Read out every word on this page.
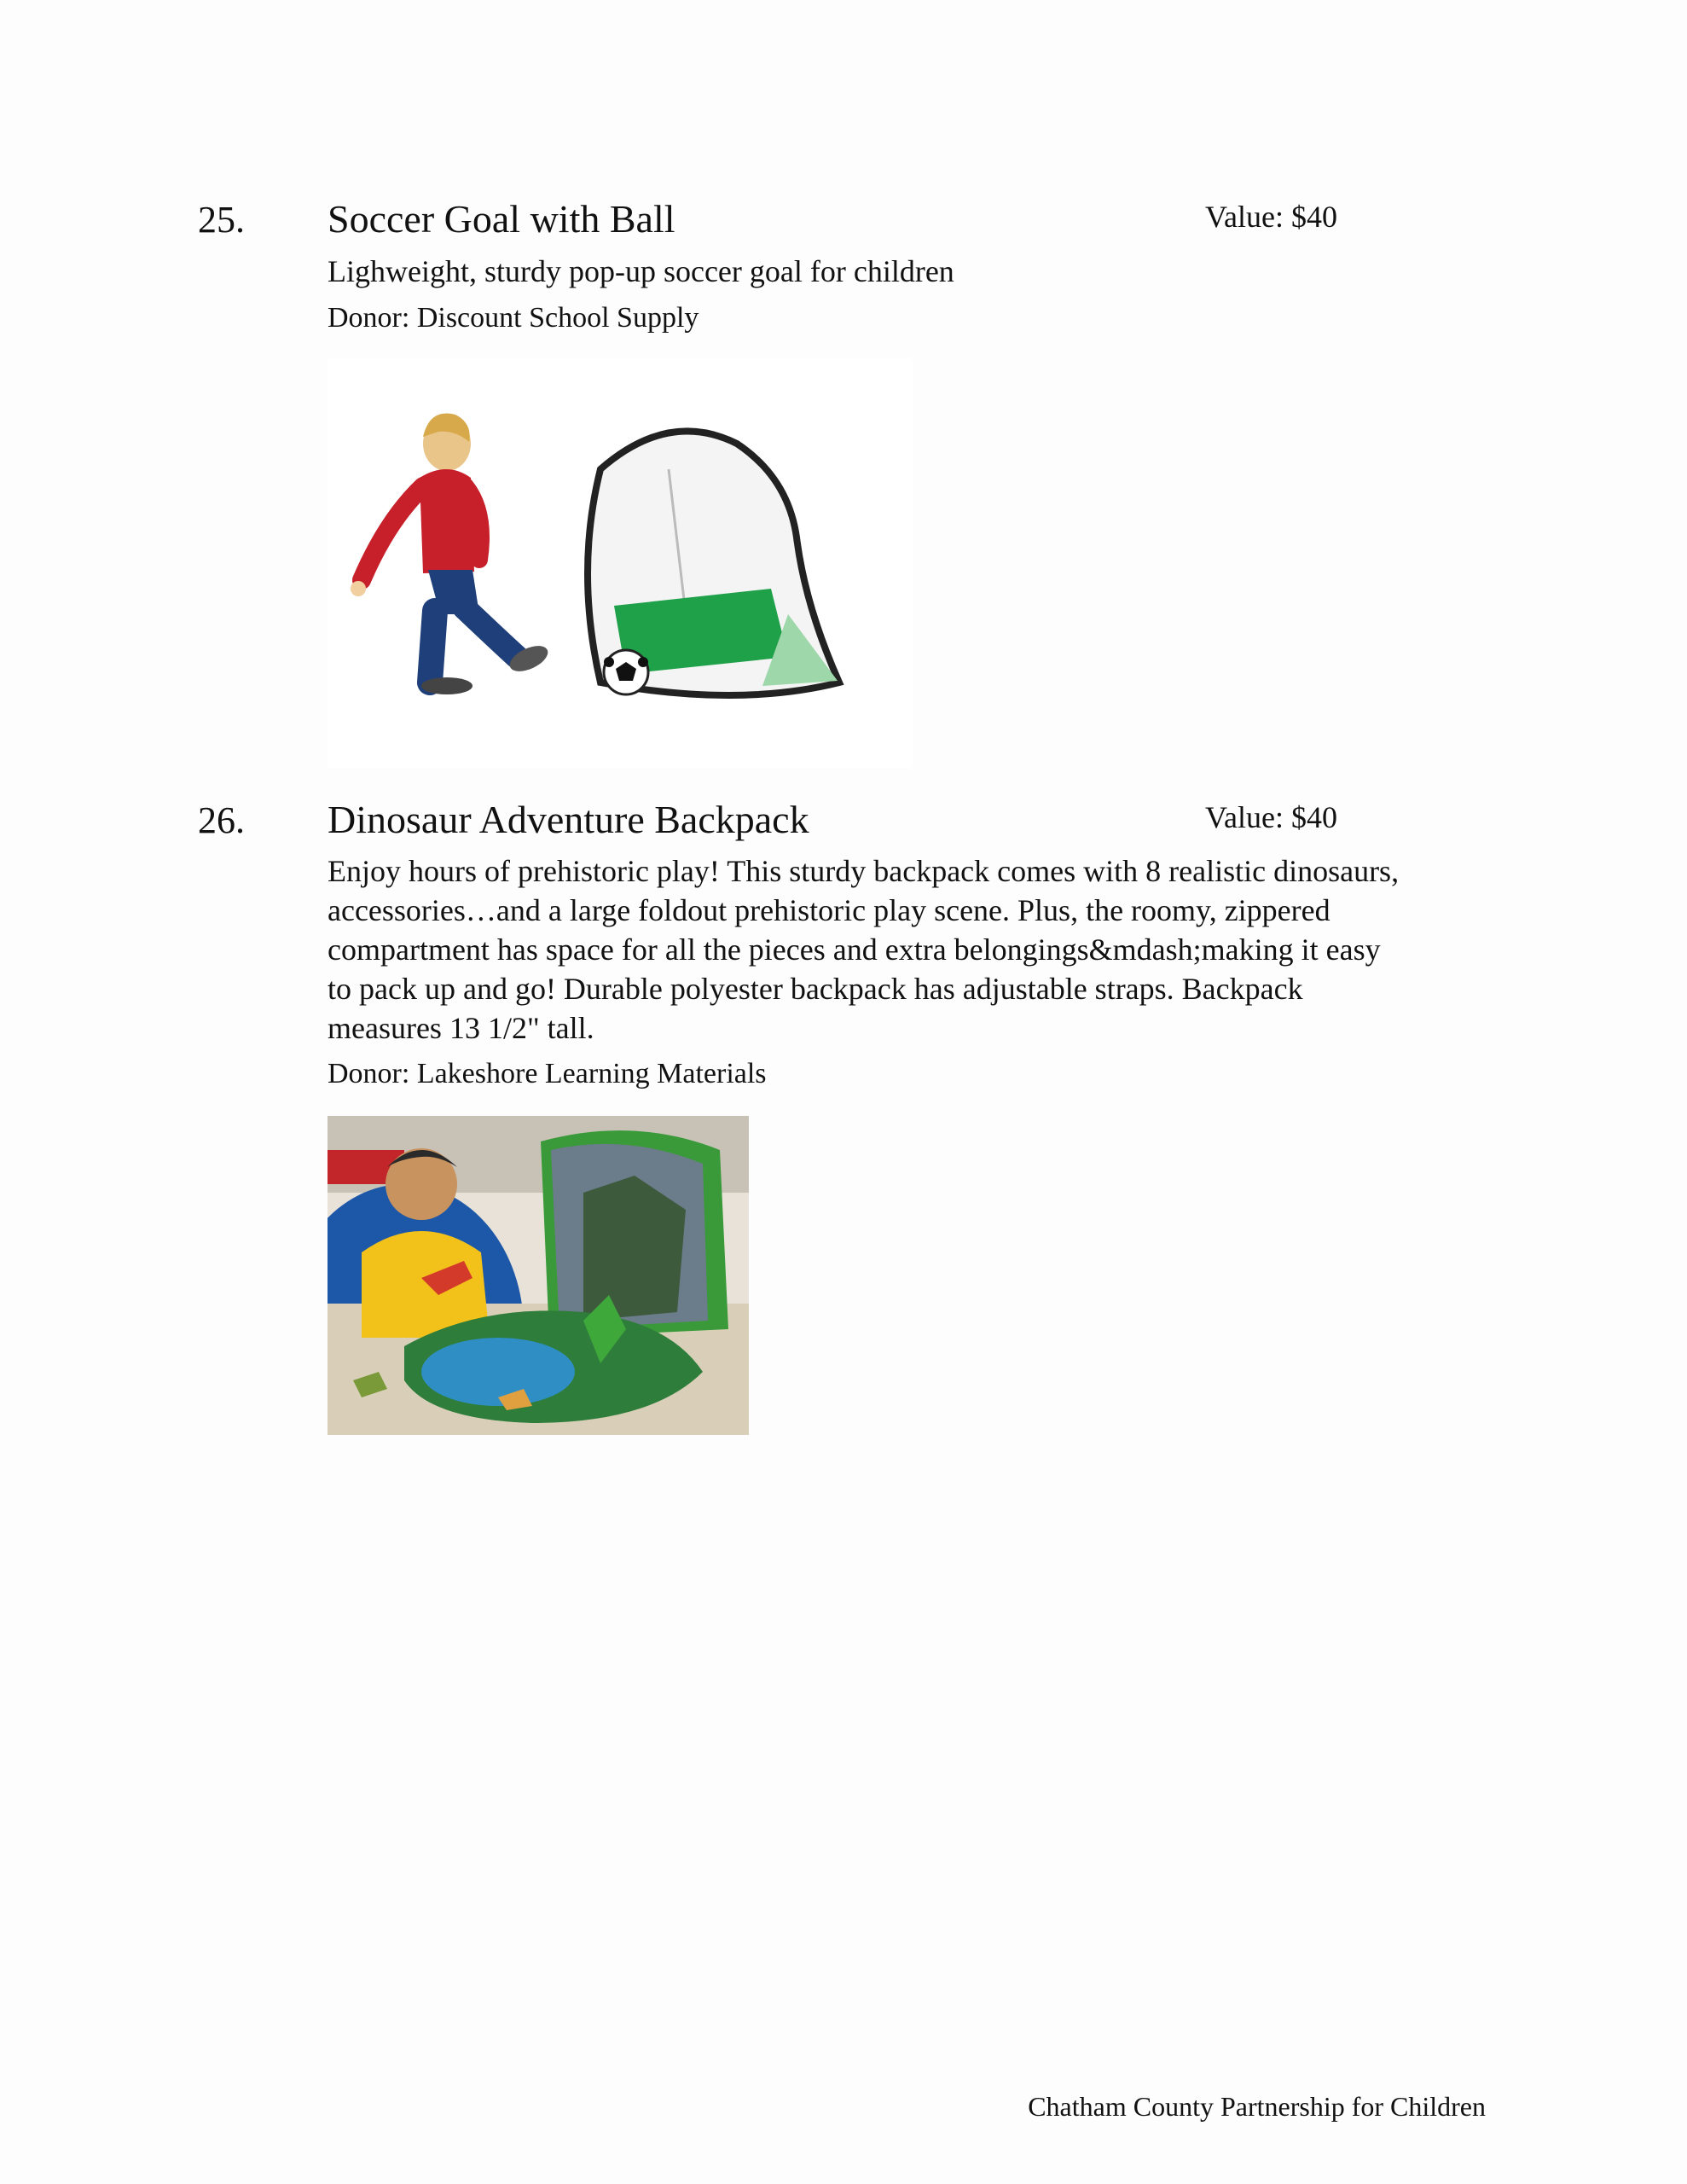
25. Soccer Goal with Ball	Value: $40
Lighweight, sturdy pop-up soccer goal for children
Donor: Discount School Supply
26. Dinosaur Adventure Backpack	Value: $40
Enjoy hours of prehistoric play! This sturdy backpack comes with 8 realistic dinosaurs,
accessories…and a large foldout prehistoric play scene. Plus, the roomy, zippered
compartment has space for all the pieces and extra belongings&mdash;making it easy
to pack up and go! Durable polyester backpack has adjustable straps. Backpack
measures 13 1/2" tall.
Donor: Lakeshore Learning Materials
Chatham County Partnership for Children
